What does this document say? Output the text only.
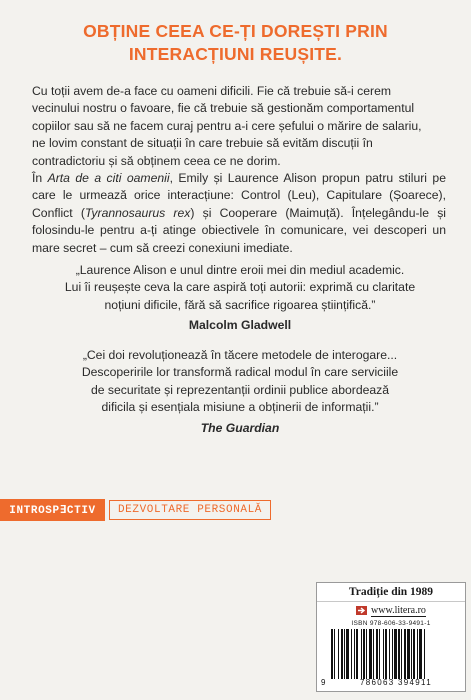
OBȚINE CEEA CE-ȚI DOREȘTI PRIN
INTERACȚIUNI REUȘITE.

Cu toții avem de-a face cu oameni dificili. Fie că trebuie să-i cerem
vecinului nostru o favoare, fie că trebuie să gestionăm comportamentul
copiilor sau să ne facem curaj pentru a-i cere șefului o mărire de salariu,
ne lovim constant de situații în care trebuie să evităm discuții în
contradictoriu și să obținem ceea ce ne dorim.

În Arta de a citi oamenii, Emily și Laurence Alison propun patru stiluri pe care le urmează orice interacțiune: Control (Leu), Capitulare (Șoarece), Conflict (Tyrannosaurus rex) și Cooperare (Maimuță). Înțelegându-le și folosindu-le pentru a-ți atinge obiectivele în comunicare, vei descoperi un mare secret – cum să creezi conexiuni imediate.

„Laurence Alison e unul dintre eroii mei din mediul academic.

Lui îi reușește ceva la care aspiră toți autorii: exprimă cu claritate

noțiuni dificile, fără să sacrifice rigoarea științifică.”

Malcolm Gladwell

„Cei doi revoluționează în tăcere metodele de interogare...

Descoperirile lor transformă radical modul în care serviciile

de securitate și reprezentanții ordinii publice abordează

dificila și esențiala misiune a obținerii de informații.”

The Guardian

INTROSP∃CTIV	DEZVOLTARE PERSONALĂ
Tradiție din 1989
www.litera.ro
ISBN 978-606-33-9491-1
9	786063 394911
